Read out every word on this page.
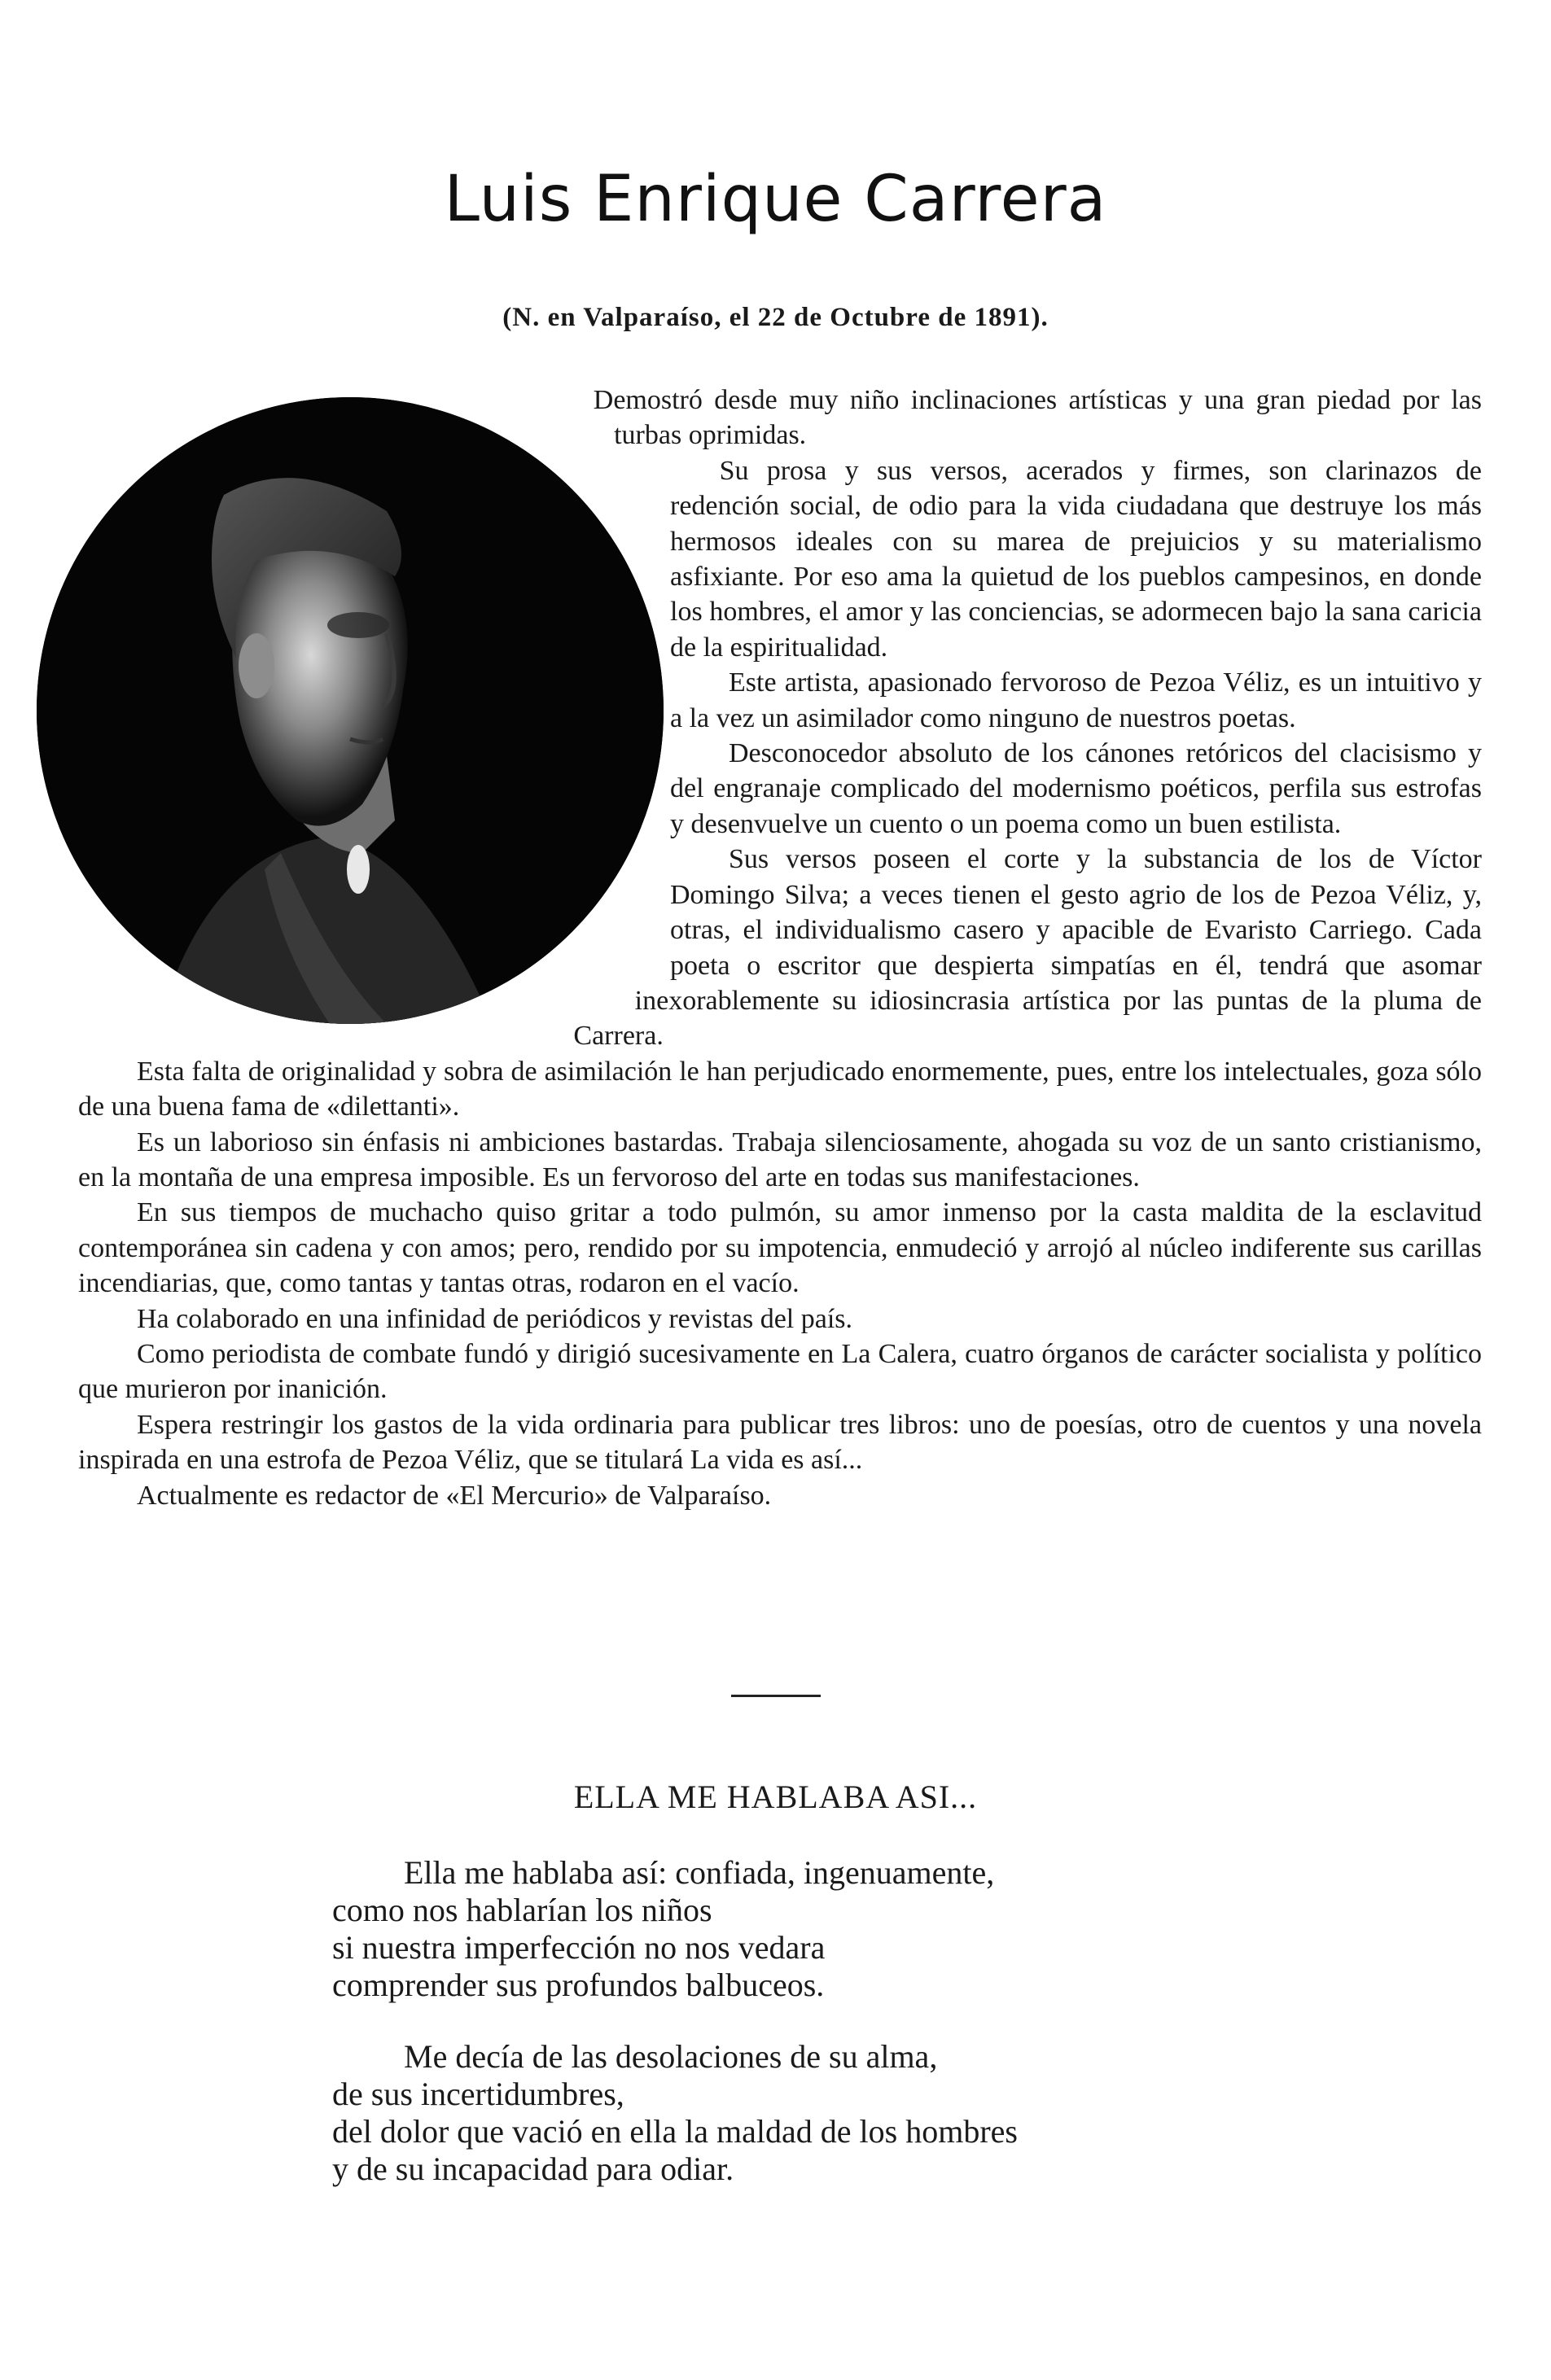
Luis Enrique Carrera
(N. en Valparaíso, el 22 de Octubre de 1891).

Demostró desde muy niño inclinaciones artísticas y una gran piedad por las turbas oprimidas.

Su prosa y sus versos, acerados y firmes, son clarinazos de redención social, de odio para la vida ciudadana que destruye los más hermosos ideales con su marea de prejuicios y su materialismo asfixiante. Por eso ama la quietud de los pueblos campesinos, en donde los hombres, el amor y las conciencias, se adormecen bajo la sana caricia de la espiritualidad.

Este artista, apasionado fervoroso de Pezoa Véliz, es un intuitivo y a la vez un asimilador como ninguno de nuestros poetas.

Desconocedor absoluto de los cánones retóricos del clacisismo y del engranaje complicado del modernismo poéticos, perfila sus estrofas y desenvuelve un cuento o un poema como un buen estilista.

Sus versos poseen el corte y la substancia de los de Víctor Domingo Silva; a veces tienen el gesto agrio de los de Pezoa Véliz, y, otras, el individualismo casero y apacible de Evaristo Carriego. Cada poeta o escritor que despierta simpatías en él, tendrá que asomar inexorablemente su idiosincrasia artística por las puntas de la pluma de Carrera.

Esta falta de originalidad y sobra de asimilación le han perjudicado enormemente, pues, entre los intelectuales, goza sólo de una buena fama de «dilettanti».

Es un laborioso sin énfasis ni ambiciones bastardas. Trabaja silenciosamente, ahogada su voz de un santo cristianismo, en la montaña de una empresa imposible. Es un fervoroso del arte en todas sus manifestaciones.

En sus tiempos de muchacho quiso gritar a todo pulmón, su amor inmenso por la casta maldita de la esclavitud contemporánea sin cadena y con amos; pero, rendido por su impotencia, enmudeció y arrojó al núcleo indiferente sus carillas incendiarias, que, como tantas y tantas otras, rodaron en el vacío.

Ha colaborado en una infinidad de periódicos y revistas del país.

Como periodista de combate fundó y dirigió sucesivamente en La Calera, cuatro órganos de carácter socialista y político que murieron por inanición.

Espera restringir los gastos de la vida ordinaria para publicar tres libros: uno de poesías, otro de cuentos y una novela inspirada en una estrofa de Pezoa Véliz, que se titulará La vida es así...

Actualmente es redactor de «El Mercurio» de Valparaíso.

ELLA ME HABLABA ASI...
Ella me hablaba así: confiada, ingenuamente,
como nos hablarían los niños
si nuestra imperfección no nos vedara
comprender sus profundos balbuceos.
Me decía de las desolaciones de su alma,
de sus incertidumbres,
del dolor que vació en ella la maldad de los hombres
y de su incapacidad para odiar.
